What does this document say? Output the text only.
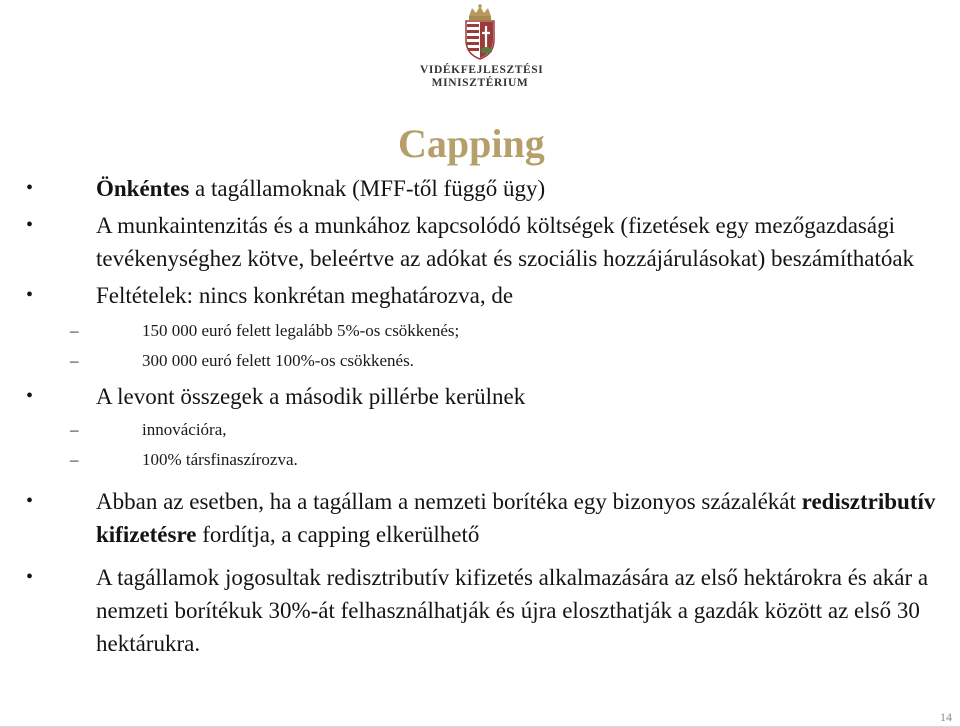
VIDÉKFEJLESZTÉSI
MINISZTÉRIUM
Capping
•	Önkéntes a tagállamoknak (MFF-től függő ügy)
•	A munkaintenzitás és a munkához kapcsolódó költségek (fizetések egy mezőgazdasági tevékenységhez kötve, beleértve az adókat és szociális hozzájárulásokat) beszámíthatóak
•	Feltételek: nincs konkrétan meghatározva, de
–	150 000 euró felett legalább 5%-os csökkenés;
–	300 000 euró felett 100%-os csökkenés.
•	A levont összegek a második pillérbe kerülnek
–	innovációra,
–	100% társfinaszírozva.
•	Abban az esetben, ha a tagállam a nemzeti borítéka egy bizonyos százalékát redisztributív kifizetésre fordítja, a capping elkerülhető
•	A tagállamok jogosultak redisztributív kifizetés alkalmazására az első hektárokra és akár a nemzeti borítékuk 30%-át felhasználhatják és újra eloszthatják a gazdák között az első 30 hektárukra.
14
